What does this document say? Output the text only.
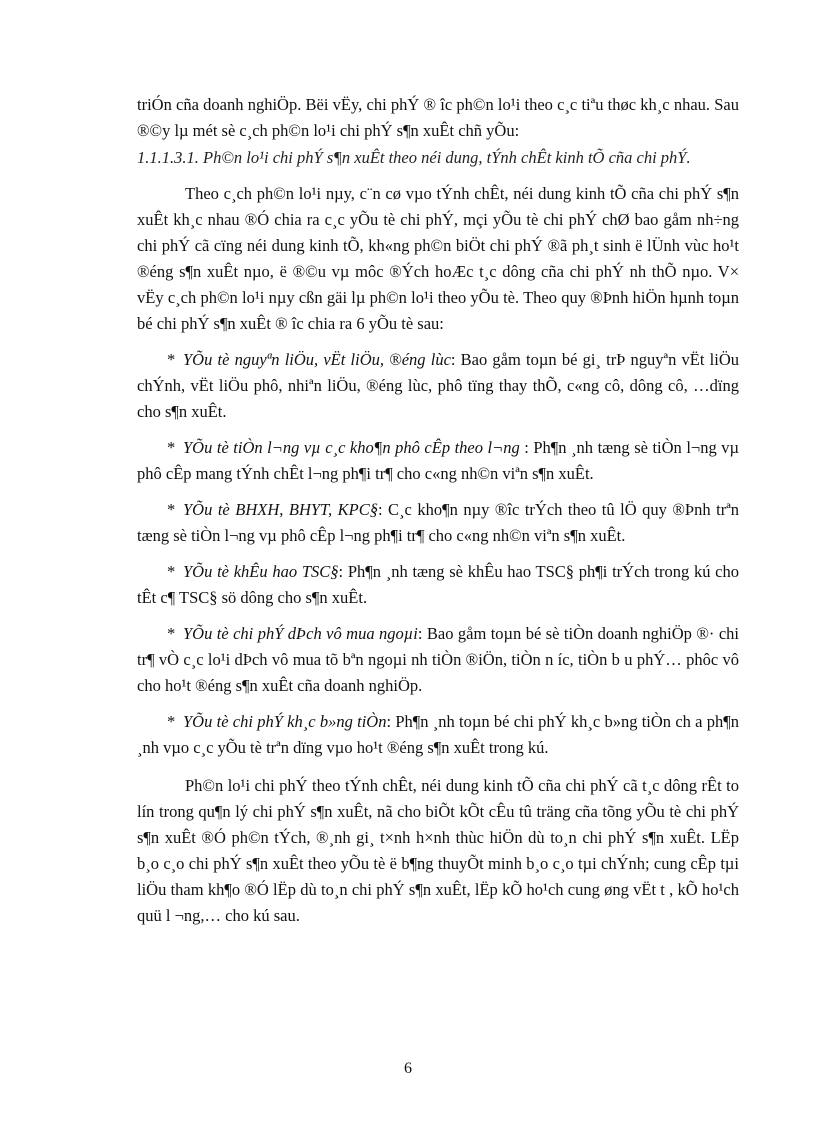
triÓn cña doanh nghiÖp. Bëi vËy, chi phÝ ® îc ph©n lo¹i theo c¸c tiªu thøc kh¸c nhau. Sau ®©y lµ mét sè c¸ch ph©n lo¹i chi phÝ s¶n xuÊt chñ yÕu:

1.1.1.3.1. Ph©n lo¹i chi phÝ s¶n xuÊt theo néi dung, tÝnh chÊt kinh tÕ cña chi phÝ.

Theo c¸ch ph©n lo¹i nµy, c¨n cø vµo tÝnh chÊt, néi dung kinh tÕ cña chi phÝ s¶n xuÊt kh¸c nhau ®Ó chia ra c¸c yÕu tè chi phÝ, mçi yÕu tè chi phÝ chØ bao gåm nh÷ng chi phÝ cã cïng néi dung kinh tÕ, kh«ng ph©n biÖt chi phÝ ®ã ph¸t sinh ë lÜnh vùc ho¹t ®éng s¶n xuÊt nµo, ë ®©u vµ môc ®Ých hoÆc t¸c dông cña chi phÝ nh thÕ nµo. V× vËy c¸ch ph©n lo¹i nµy cßn gäi lµ ph©n lo¹i theo yÕu tè. Theo quy ®Þnh hiÖn hµnh toµn bé chi phÝ s¶n xuÊt ® îc chia ra 6 yÕu tè sau:

* YÕu tè nguyªn liÖu, vËt liÖu, ®éng lùc: Bao gåm toµn bé gi¸ trÞ nguyªn vËt liÖu chÝnh, vËt liÖu phô, nhiªn liÖu, ®éng lùc, phô tïng thay thÕ, c«ng cô, dông cô, …dïng cho s¶n xuÊt.

* YÕu tè tiÒn l¬ng vµ c¸c kho¶n phô cÊp theo l¬ng : Ph¶n ¸nh tæng sè tiÒn l¬ng vµ phô cÊp mang tÝnh chÊt l¬ng ph¶i tr¶ cho c«ng nh©n viªn s¶n xuÊt.

* YÕu tè BHXH, BHYT, KPC§: C¸c kho¶n nµy ®îc trÝch theo tû lÖ quy ®Þnh trªn tæng sè tiÒn l¬ng vµ phô cÊp l¬ng ph¶i tr¶ cho c«ng nh©n viªn s¶n xuÊt.

* YÕu tè khÊu hao TSC§: Ph¶n ¸nh tæng sè khÊu hao TSC§ ph¶i trÝch trong kú cho tÊt c¶ TSC§ sö dông cho s¶n xuÊt.

* YÕu tè chi phÝ dÞch vô mua ngoµi: Bao gåm toµn bé sè tiÒn doanh nghiÖp ®· chi tr¶ vÒ c¸c lo¹i dÞch vô mua tõ bªn ngoµi nh tiÒn ®iÖn, tiÒn n íc, tiÒn b u phÝ… phôc vô cho ho¹t ®éng s¶n xuÊt cña doanh nghiÖp.

* YÕu tè chi phÝ kh¸c b»ng tiÒn: Ph¶n ¸nh toµn bé chi phÝ kh¸c b»ng tiÒn ch a ph¶n ¸nh vµo c¸c yÕu tè trªn dïng vµo ho¹t ®éng s¶n xuÊt trong kú.

Ph©n lo¹i chi phÝ theo tÝnh chÊt, néi dung kinh tÕ cña chi phÝ cã t¸c dông rÊt to lín trong qu¶n lý chi phÝ s¶n xuÊt, nã cho biÕt kÕt cÊu tû träng cña tõng yÕu tè chi phÝ s¶n xuÊt ®Ó ph©n tÝch, ®¸nh gi¸ t×nh h×nh thùc hiÖn dù to¸n chi phÝ s¶n xuÊt. LËp b¸o c¸o chi phÝ s¶n xuÊt theo yÕu tè ë b¶ng thuyÕt minh b¸o c¸o tµi chÝnh; cung cÊp tµi liÖu tham kh¶o ®Ó lËp dù to¸n chi phÝ s¶n xuÊt, lËp kÕ ho¹ch cung øng vËt t , kÕ ho¹ch quü l ¬ng,… cho kú sau.

6
